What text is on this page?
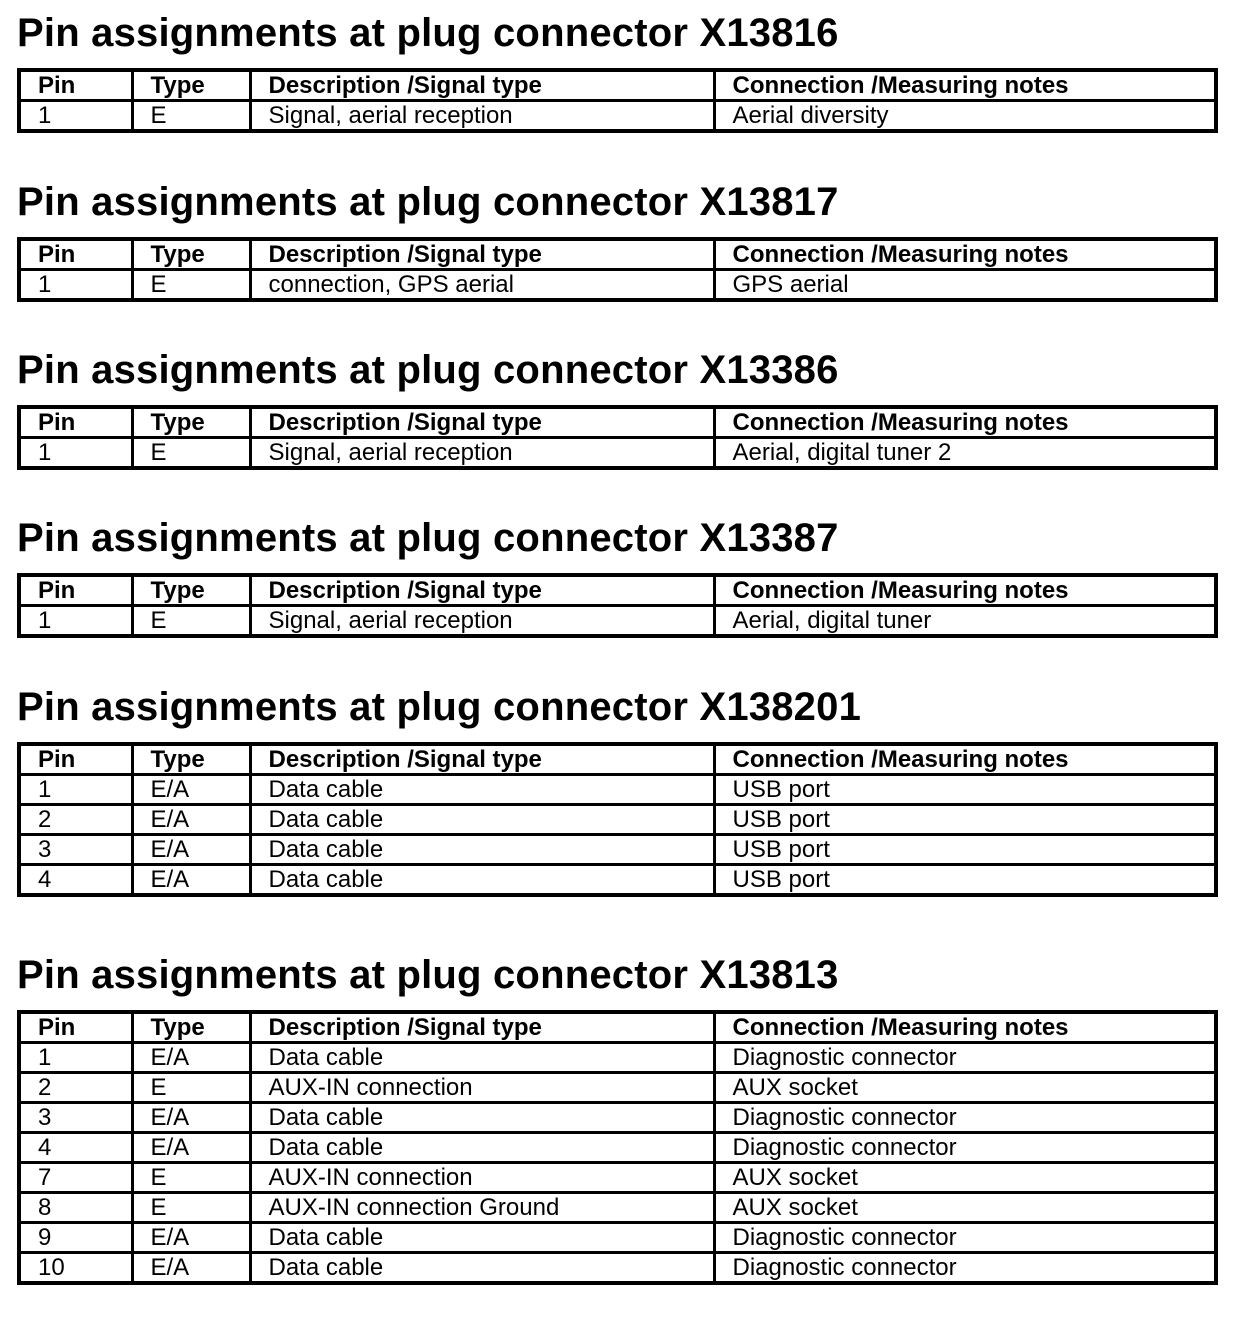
Pin assignments at plug connector X13816
Pin	Type	Description /Signal type	Connection /Measuring notes
1	E	Signal, aerial reception	Aerial diversity
Pin assignments at plug connector X13817
Pin	Type	Description /Signal type	Connection /Measuring notes
1	E	connection, GPS aerial	GPS aerial
Pin assignments at plug connector X13386
Pin	Type	Description /Signal type	Connection /Measuring notes
1	E	Signal, aerial reception	Aerial, digital tuner 2
Pin assignments at plug connector X13387
Pin	Type	Description /Signal type	Connection /Measuring notes
1	E	Signal, aerial reception	Aerial, digital tuner
Pin assignments at plug connector X138201
Pin	Type	Description /Signal type	Connection /Measuring notes
1	E/A	Data cable	USB port
2	E/A	Data cable	USB port
3	E/A	Data cable	USB port
4	E/A	Data cable	USB port
Pin assignments at plug connector X13813
Pin	Type	Description /Signal type	Connection /Measuring notes
1	E/A	Data cable	Diagnostic connector
2	E	AUX-IN connection	AUX socket
3	E/A	Data cable	Diagnostic connector
4	E/A	Data cable	Diagnostic connector
7	E	AUX-IN connection	AUX socket
8	E	AUX-IN connection Ground	AUX socket
9	E/A	Data cable	Diagnostic connector
10	E/A	Data cable	Diagnostic connector
